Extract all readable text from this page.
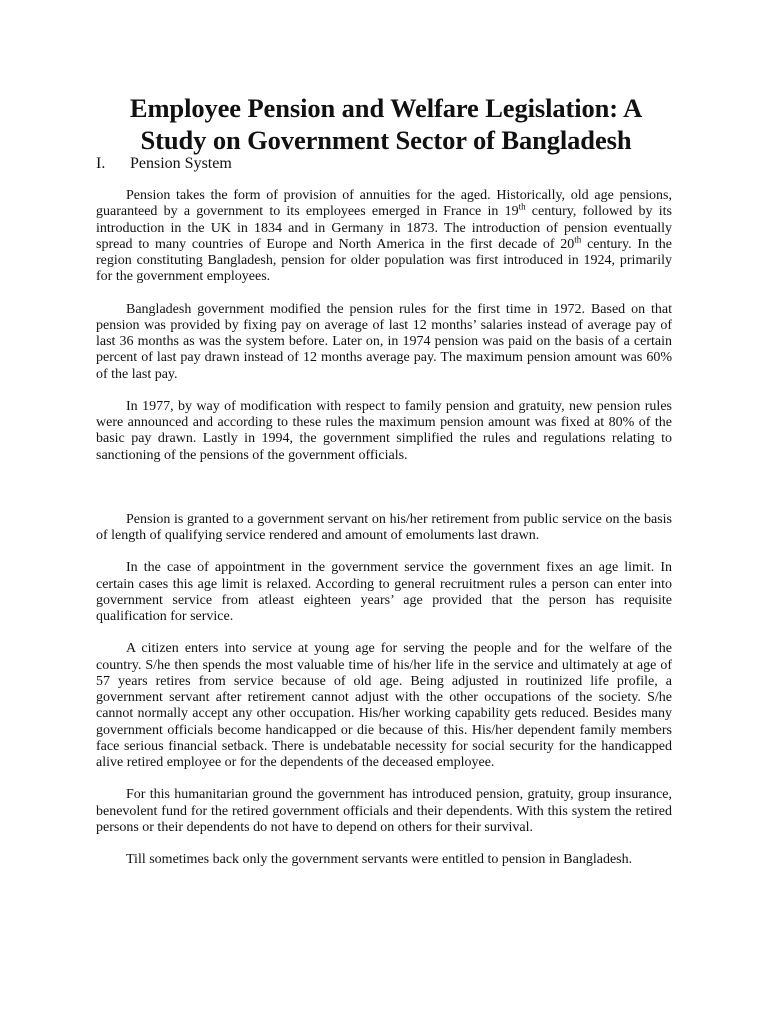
Employee Pension and Welfare Legislation: A Study on Government Sector of Bangladesh
I. Pension System

Pension takes the form of provision of annuities for the aged. Historically, old age pensions, guaranteed by a government to its employees emerged in France in 19th century, followed by its introduction in the UK in 1834 and in Germany in 1873. The introduction of pension eventually spread to many countries of Europe and North America in the first decade of 20th century. In the region constituting Bangladesh, pension for older population was first introduced in 1924, primarily for the government employees.

Bangladesh government modified the pension rules for the first time in 1972. Based on that pension was provided by fixing pay on average of last 12 months’ salaries instead of average pay of last 36 months as was the system before. Later on, in 1974 pension was paid on the basis of a certain percent of last pay drawn instead of 12 months average pay. The maximum pension amount was 60% of the last pay.

In 1977, by way of modification with respect to family pension and gratuity, new pension rules were announced and according to these rules the maximum pension amount was fixed at 80% of the basic pay drawn. Lastly in 1994, the government simplified the rules and regulations relating to sanctioning of the pensions of the government officials.

Pension is granted to a government servant on his/her retirement from public service on the basis of length of qualifying service rendered and amount of emoluments last drawn.

In the case of appointment in the government service the government fixes an age limit. In certain cases this age limit is relaxed. According to general recruitment rules a person can enter into government service from atleast eighteen years’ age provided that the person has requisite qualification for service.

A citizen enters into service at young age for serving the people and for the welfare of the country. S/he then spends the most valuable time of his/her life in the service and ultimately at age of 57 years retires from service because of old age. Being adjusted in routinized life profile, a government servant after retirement cannot adjust with the other occupations of the society. S/he cannot normally accept any other occupation. His/her working capability gets reduced. Besides many government officials become handicapped or die because of this. His/her dependent family members face serious financial setback. There is undebatable necessity for social security for the handicapped alive retired employee or for the dependents of the deceased employee.

For this humanitarian ground the government has introduced pension, gratuity, group insurance, benevolent fund for the retired government officials and their dependents. With this system the retired persons or their dependents do not have to depend on others for their survival.

Till sometimes back only the government servants were entitled to pension in Bangladesh.
